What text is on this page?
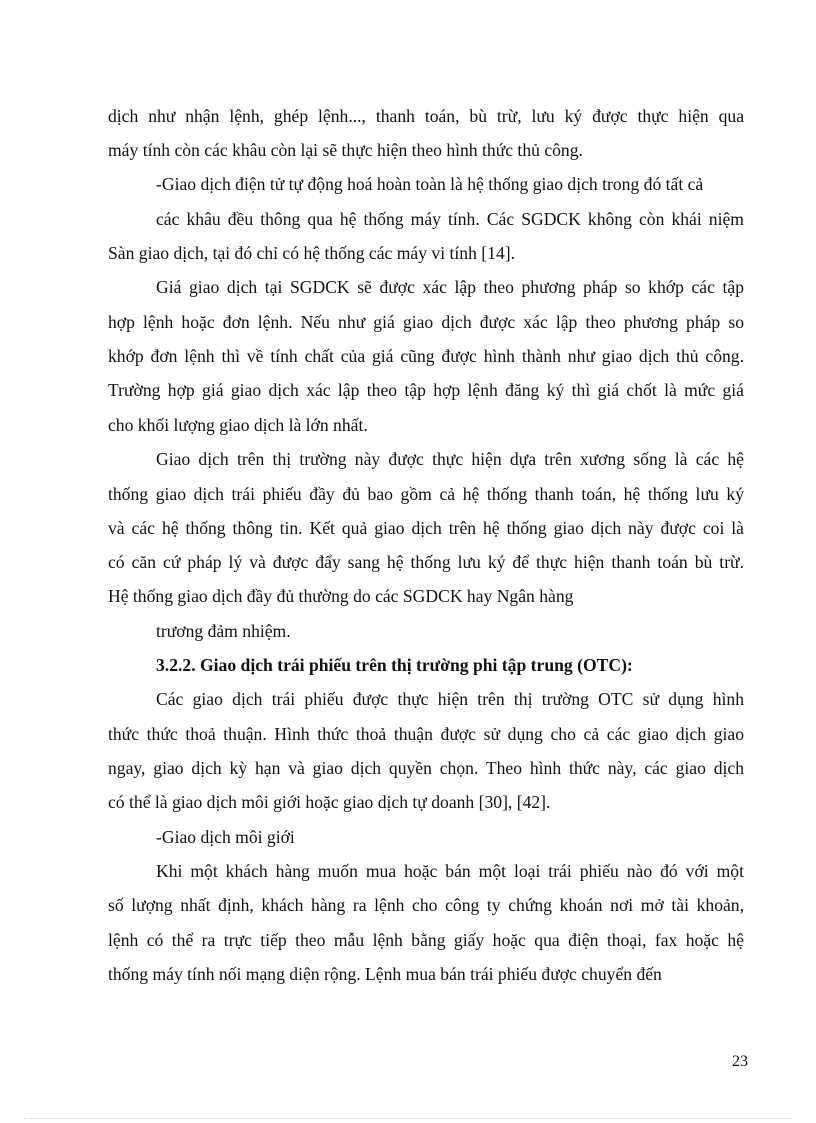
dịch như nhận lệnh, ghép lệnh..., thanh toán, bù trừ, lưu ký được thực hiện qua
máy tính còn các khâu còn lại sẽ thực hiện theo hình thức thủ công.
-Giao dịch điện tử tự động hoá hoàn toàn là hệ thống giao dịch trong đó tất cả
các khâu đều thông qua hệ thống máy tính. Các SGDCK không còn khái niệm
Sàn giao dịch, tại đó chỉ có hệ thống các máy vi tính [14].
Giá giao dịch tại SGDCK sẽ được xác lập theo phương pháp so khớp các tập
hợp lệnh hoặc đơn lệnh. Nếu như giá giao dịch được xác lập theo phương pháp so
khớp đơn lệnh thì về tính chất của giá cũng được hình thành như giao dịch thủ công.
Trường hợp giá giao dịch xác lập theo tập hợp lệnh đăng ký thì giá chốt là mức giá
cho khối lượng giao dịch là lớn nhất.
Giao dịch trên thị trường này được thực hiện dựa trên xương sống là các hệ
thống giao dịch trái phiếu đầy đủ bao gồm cả hệ thống thanh toán, hệ thống lưu ký
và các hệ thống thông tin. Kết quả giao dịch trên hệ thống giao dịch này được coi là
có căn cứ pháp lý và được đẩy sang hệ thống lưu ký để thực hiện thanh toán bù trừ.
Hệ thống giao dịch đầy đủ thường do các SGDCK hay Ngân hàng
trương đảm nhiệm.
3.2.2. Giao dịch trái phiếu trên thị trường phi tập trung (OTC):
Các giao dịch trái phiếu được thực hiện trên thị trường OTC sử dụng hình
thức thức thoả thuận. Hình thức thoả thuận được sử dụng cho cả các giao dịch giao
ngay, giao dịch kỳ hạn và giao dịch quyền chọn. Theo hình thức này, các giao dịch
có thể là giao dịch môi giới hoặc giao dịch tự doanh [30], [42].
-Giao dịch môi giới
Khi một khách hàng muốn mua hoặc bán một loại trái phiếu nào đó với một
số lượng nhất định, khách hàng ra lệnh cho công ty chứng khoán nơi mở tài khoản,
lệnh có thể ra trực tiếp theo mẫu lệnh bằng giấy hoặc qua điện thoại, fax hoặc hệ
thống máy tính nối mạng diện rộng. Lệnh mua bán trái phiếu được chuyển đến
23
